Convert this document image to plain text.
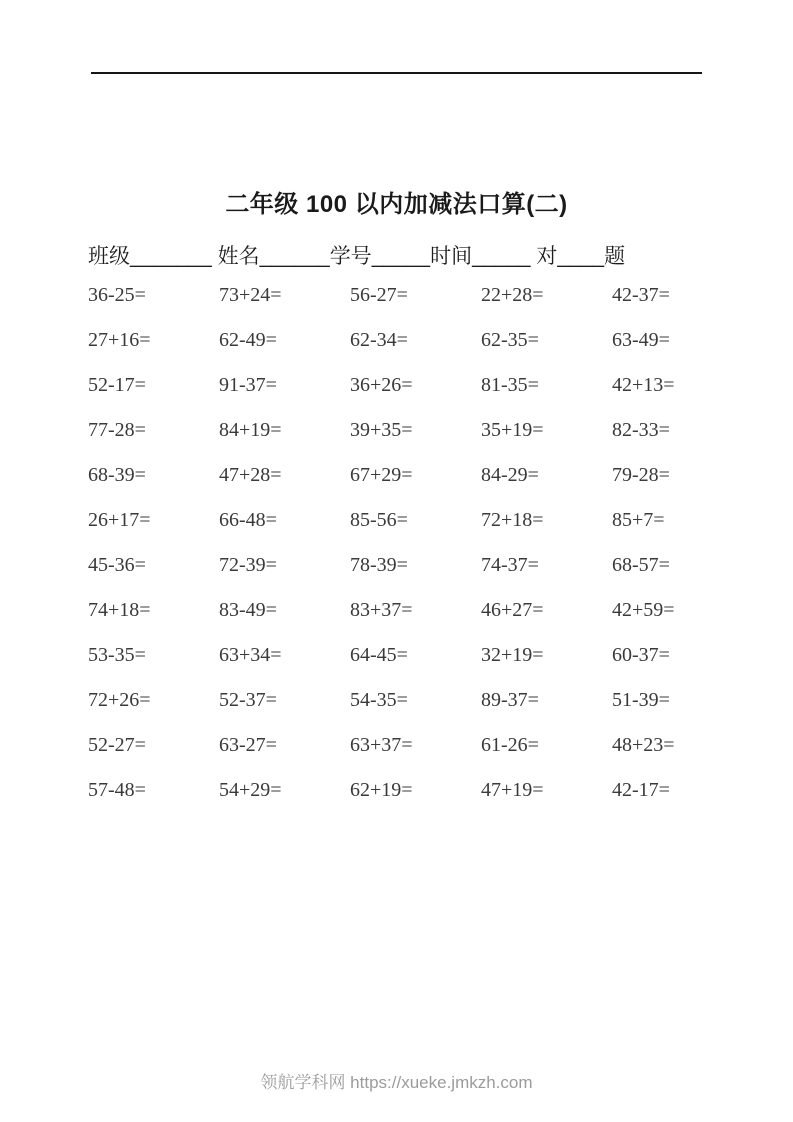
二年级 100 以内加减法口算(二)
班级_______ 姓名______学号_____时间_____ 对____题
36-25=	73+24=	56-27=	22+28=	42-37=
27+16=	62-49=	62-34=	62-35=	63-49=
52-17=	91-37=	36+26=	81-35=	42+13=
77-28=	84+19=	39+35=	35+19=	82-33=
68-39=	47+28=	67+29=	84-29=	79-28=
26+17=	66-48=	85-56=	72+18=	85+7=
45-36=	72-39=	78-39=	74-37=	68-57=
74+18=	83-49=	83+37=	46+27=	42+59=
53-35=	63+34=	64-45=	32+19=	60-37=
72+26=	52-37=	54-35=	89-37=	51-39=
52-27=	63-27=	63+37=	61-26=	48+23=
57-48=	54+29=	62+19=	47+19=	42-17=
领航学科网 https://xueke.jmkzh.com
